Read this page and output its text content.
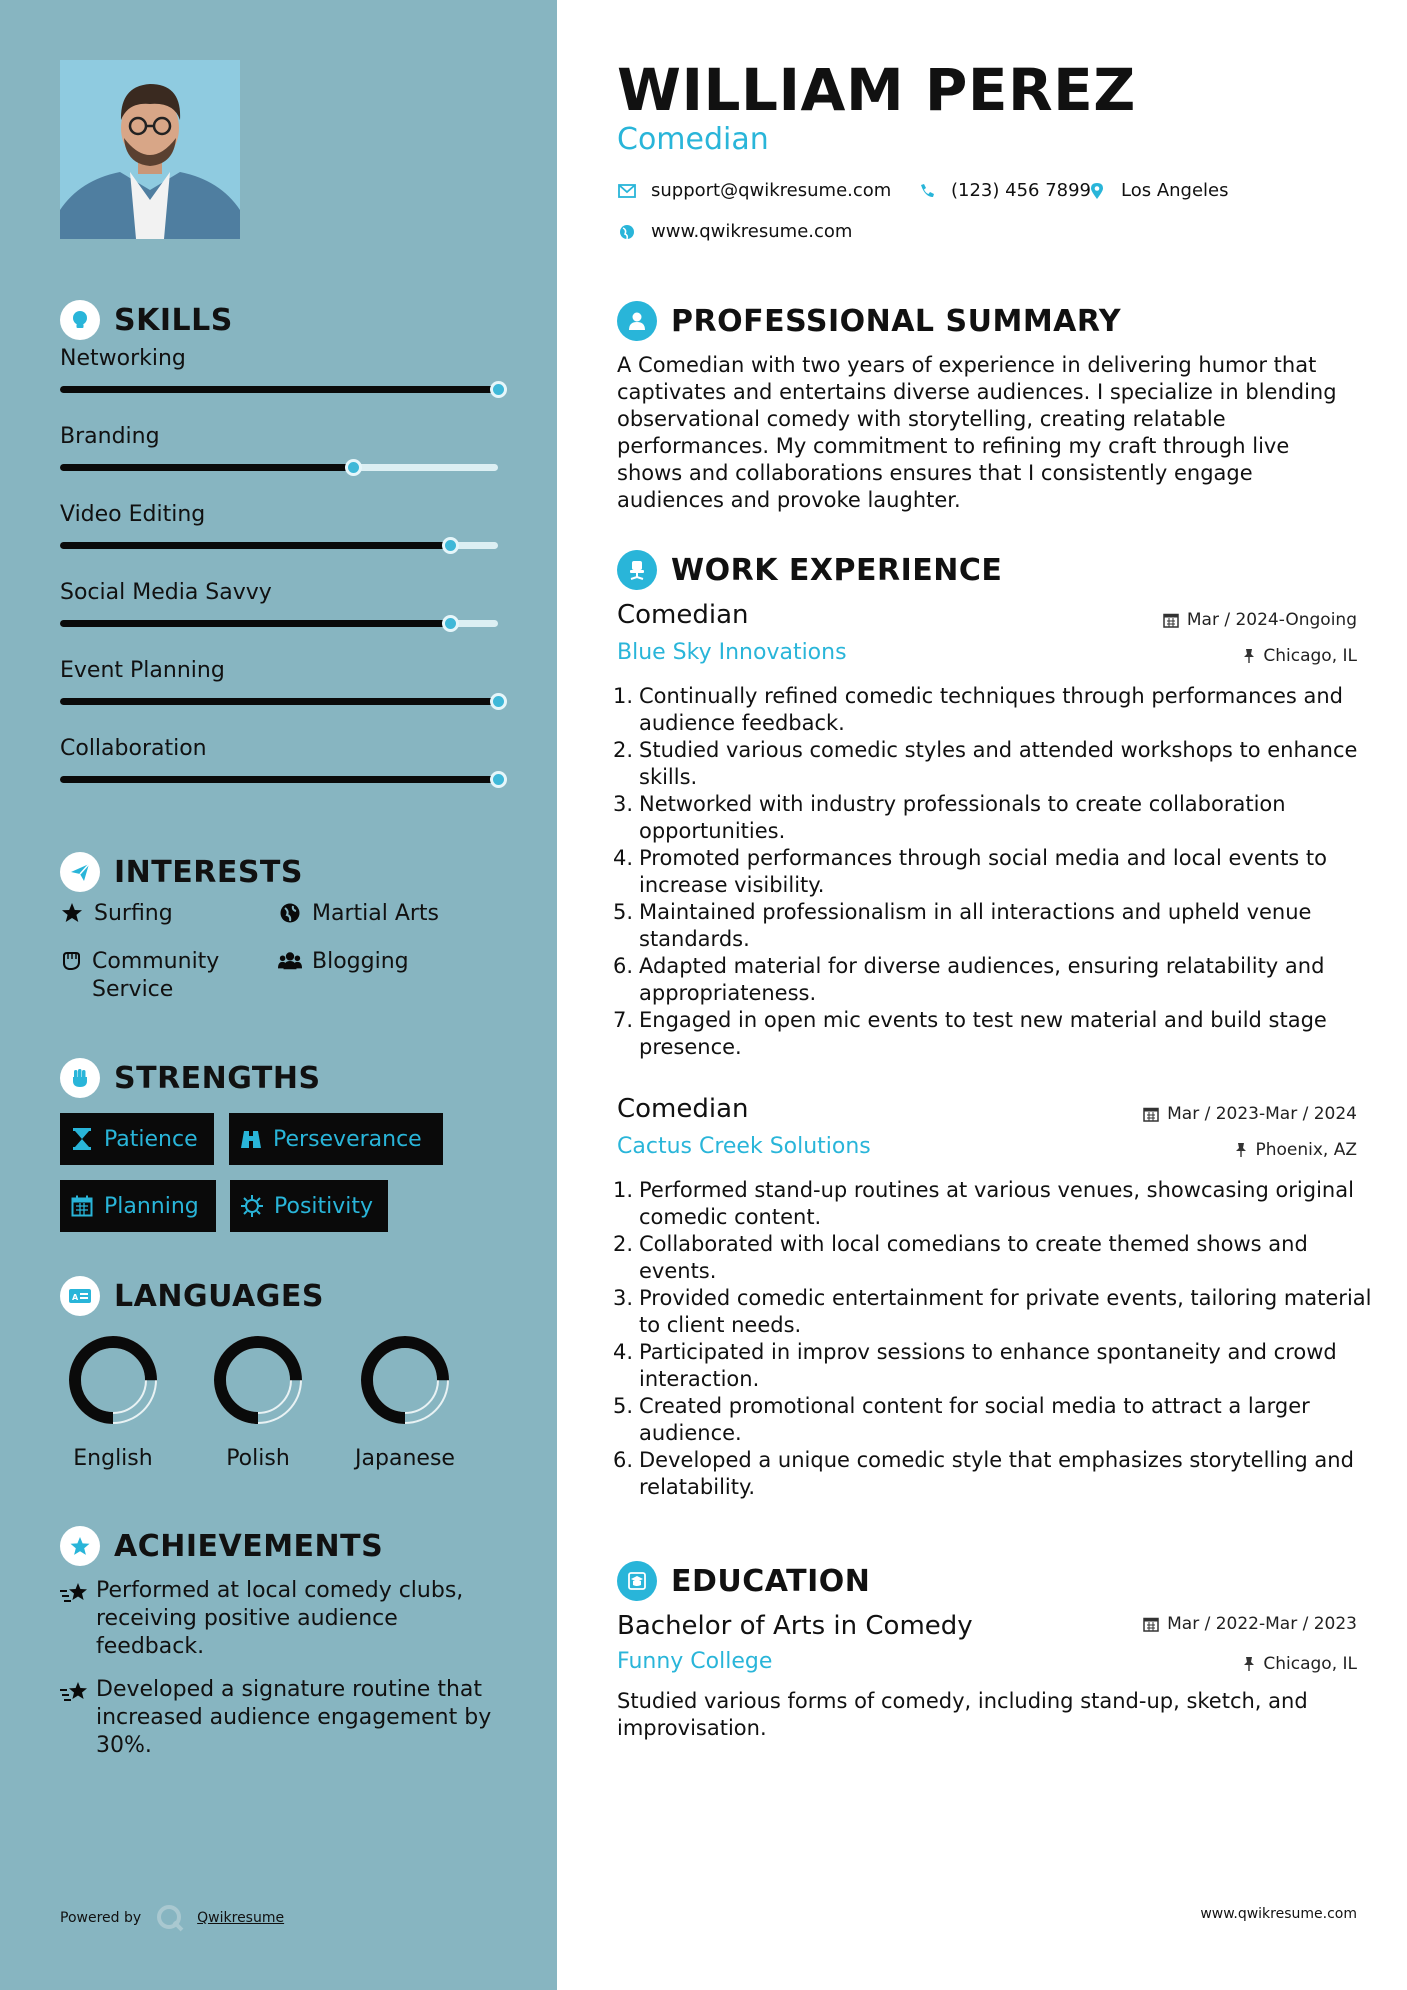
SKILLS
Networking
Branding
Video Editing
Social Media Savvy
Event Planning
Collaboration
INTERESTS
Surfing	Martial Arts
Community Service
Blogging
STRENGTHS
Patience	Perseverance
Planning	Positivity
A LANGUAGES
English	Polish	Japanese
ACHIEVEMENTS
Performed at local comedy clubs, receiving positive audience feedback.
Developed a signature routine that increased audience engagement by 30%.
Powered by	Qwikresume
WILLIAM PEREZ
Comedian
support@qwikresume.com	(123) 456 7899 Los Angeles
www.qwikresume.com
PROFESSIONAL SUMMARY
A Comedian with two years of experience in delivering humor that captivates and entertains diverse audiences. I specialize in blending observational comedy with storytelling, creating relatable performances. My commitment to refining my craft through live shows and collaborations ensures that I consistently engage audiences and provoke laughter.
WORK EXPERIENCE
Comedian	Mar / 2024-Ongoing
Blue Sky Innovations	Chicago, IL
1. Continually refined comedic techniques through performances and audience feedback.
2. Studied various comedic styles and attended workshops to enhance skills.
3. Networked with industry professionals to create collaboration opportunities.
4. Promoted performances through social media and local events to increase visibility.
5. Maintained professionalism in all interactions and upheld venue standards.
6. Adapted material for diverse audiences, ensuring relatability and appropriateness.
7. Engaged in open mic events to test new material and build stage presence.
Comedian	Mar / 2023-Mar / 2024
Cactus Creek Solutions	Phoenix, AZ
1. Performed stand-up routines at various venues, showcasing original comedic content.
2. Collaborated with local comedians to create themed shows and events.
3. Provided comedic entertainment for private events, tailoring material to client needs.
4. Participated in improv sessions to enhance spontaneity and crowd interaction.
5. Created promotional content for social media to attract a larger audience.
6. Developed a unique comedic style that emphasizes storytelling and relatability.
EDUCATION
Bachelor of Arts in Comedy	Mar / 2022-Mar / 2023
Funny College	Chicago, IL
Studied various forms of comedy, including stand-up, sketch, and improvisation.
www.qwikresume.com
